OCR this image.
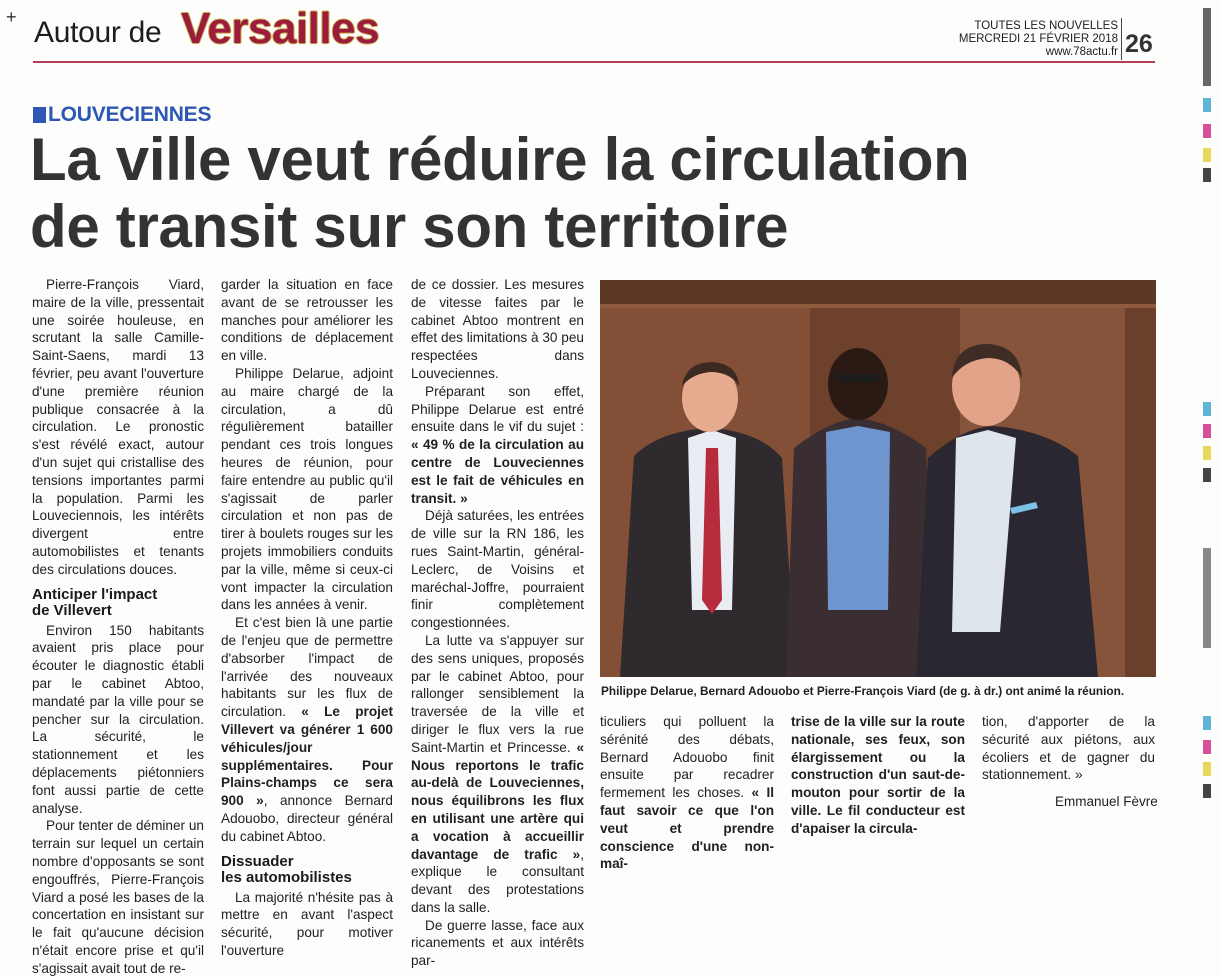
+ Autour de Versailles	TOUTES LES NOUVELLES
MERCREDI 21 FÉVRIER 2018
www.78actu.fr 26
LOUVECIENNES
La ville veut réduire la circulation
de transit sur son territoire

Pierre-François Viard, maire de la ville, pressentait une soirée houleuse, en scrutant la salle Camille-Saint-Saens, mardi 13 février, peu avant l'ouverture d'une première réunion publique consacrée à la circulation. Le pronostic s'est révélé exact, autour d'un sujet qui cristallise des tensions importantes parmi la population. Parmi les Louveciennois, les intérêts divergent entre automobilistes et tenants des circulations douces.

Anticiper l'impact
de Villevert

Environ 150 habitants avaient pris place pour écouter le diagnostic établi par le cabinet Abtoo, mandaté par la ville pour se pencher sur la circulation. La sécurité, le stationnement et les déplacements piétonniers font aussi partie de cette analyse.

Pour tenter de déminer un terrain sur lequel un certain nombre d'opposants se sont engouffrés, Pierre-François Viard a posé les bases de la concertation en insistant sur le fait qu'aucune décision n'était encore prise et qu'il s'agissait avait tout de re-

garder la situation en face avant de se retrousser les manches pour améliorer les conditions de déplacement en ville.

Philippe Delarue, adjoint au maire chargé de la circulation, a dû régulièrement batailler pendant ces trois longues heures de réunion, pour faire entendre au public qu'il s'agissait de parler circulation et non pas de tirer à boulets rouges sur les projets immobiliers conduits par la ville, même si ceux-ci vont impacter la circulation dans les années à venir.

Et c'est bien là une partie de l'enjeu que de permettre d'absorber l'impact de l'arrivée des nouveaux habitants sur les flux de circulation. « Le projet Villevert va générer 1 600 véhicules/jour supplémentaires. Pour Plains-champs ce sera 900 », annonce Bernard Adouobo, directeur général du cabinet Abtoo.

Dissuader
les automobilistes

La majorité n'hésite pas à mettre en avant l'aspect sécurité, pour motiver l'ouverture

de ce dossier. Les mesures de vitesse faites par le cabinet Abtoo montrent en effet des limitations à 30 peu respectées dans Louveciennes.

Préparant son effet, Philippe Delarue est entré ensuite dans le vif du sujet : « 49 % de la circulation au centre de Louveciennes est le fait de véhicules en transit. »

Déjà saturées, les entrées de ville sur la RN 186, les rues Saint-Martin, général-Leclerc, de Voisins et maréchal-Joffre, pourraient finir complètement congestionnées.

La lutte va s'appuyer sur des sens uniques, proposés par le cabinet Abtoo, pour rallonger sensiblement la traversée de la ville et diriger le flux vers la rue Saint-Martin et Princesse. « Nous reportons le trafic au-delà de Louveciennes, nous équilibrons les flux en utilisant une artère qui a vocation à accueillir davantage de trafic », explique le consultant devant des protestations dans la salle.

De guerre lasse, face aux ricanements et aux intérêts par-

Philippe Delarue, Bernard Adouobo et Pierre-François Viard (de g. à dr.) ont animé la réunion.

ticuliers qui polluent la sérénité des débats, Bernard Adouobo finit ensuite par recadrer fermement les choses. « Il faut savoir ce que l'on veut et prendre conscience d'une non-maî-

trise de la ville sur la route nationale, ses feux, son élargissement ou la construction d'un saut-de-mouton pour sortir de la ville. Le fil conducteur est d'apaiser la circula-

tion, d'apporter de la sécurité aux piétons, aux écoliers et de gagner du stationnement. »

Emmanuel Fèvre
